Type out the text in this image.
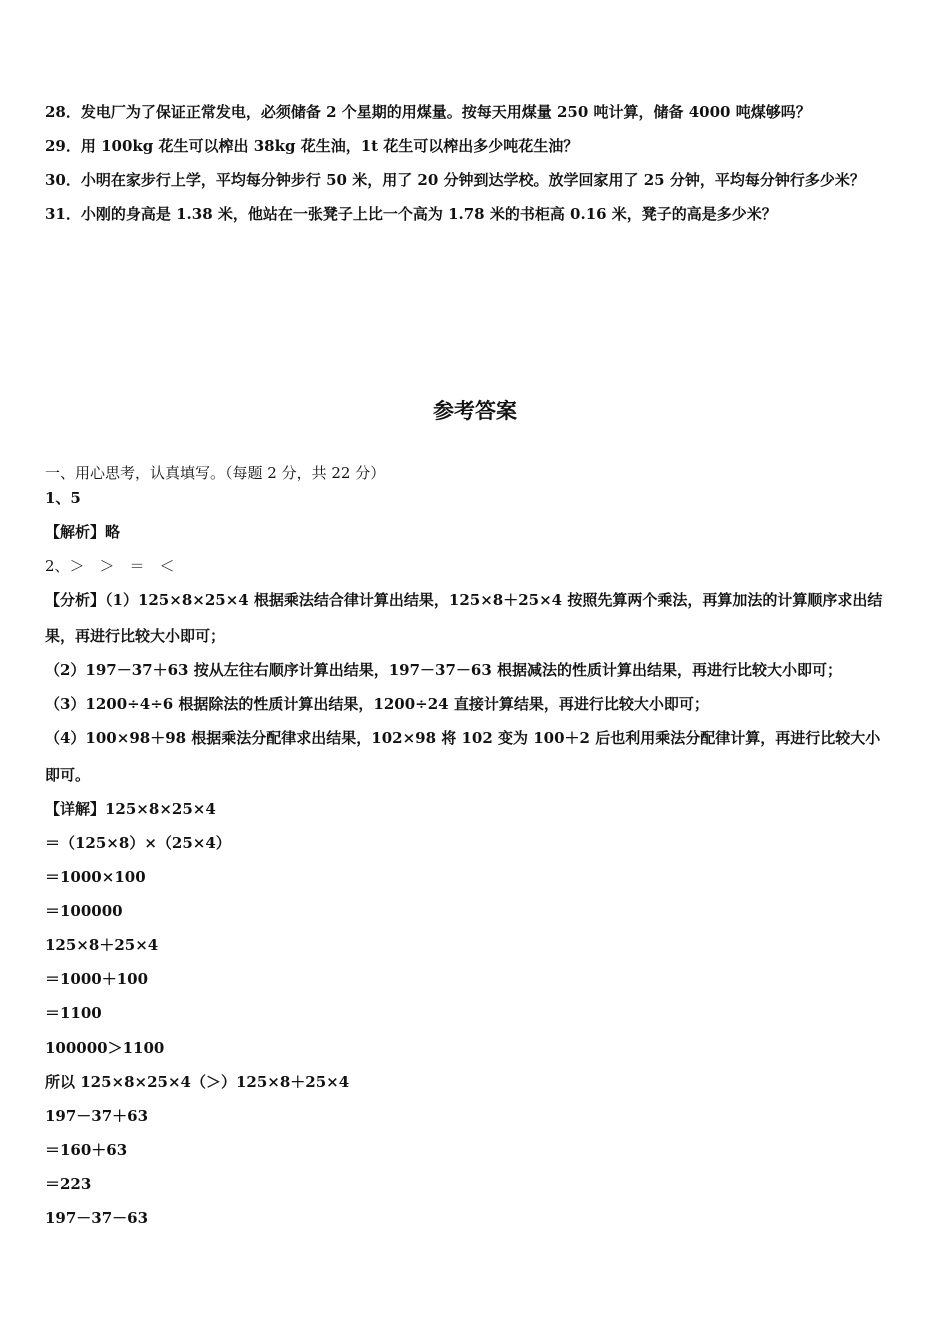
28．发电厂为了保证正常发电，必须储备 2 个星期的用煤量。按每天用煤量 250 吨计算，储备 4000 吨煤够吗？
29．用 100kg 花生可以榨出 38kg 花生油，1t 花生可以榨出多少吨花生油？
30．小明在家步行上学，平均每分钟步行 50 米，用了 20 分钟到达学校。放学回家用了 25 分钟，平均每分钟行多少米？
31．小刚的身高是 1.38 米，他站在一张凳子上比一个高为 1.78 米的书柜高 0.16 米，凳子的高是多少米？
参考答案
一、用心思考，认真填写。（每题 2 分，共 22 分）
1、5
【解析】略
2、＞　＞　＝　＜
【分析】（1）125×8×25×4 根据乘法结合律计算出结果，125×8＋25×4 按照先算两个乘法，再算加法的计算顺序求出结
果，再进行比较大小即可；
（2）197－37＋63 按从左往右顺序计算出结果，197－37－63 根据减法的性质计算出结果，再进行比较大小即可；
（3）1200÷4÷6 根据除法的性质计算出结果，1200÷24 直接计算结果，再进行比较大小即可；
（4）100×98＋98 根据乘法分配律求出结果，102×98 将 102 变为 100＋2 后也利用乘法分配律计算，再进行比较大小
即可。
【详解】125×8×25×4
＝（125×8）×（25×4）
＝1000×100
＝100000
125×8＋25×4
＝1000＋100
＝1100
100000＞1100
所以 125×8×25×4（＞）125×8＋25×4
197－37＋63
＝160＋63
＝223
197－37－63
